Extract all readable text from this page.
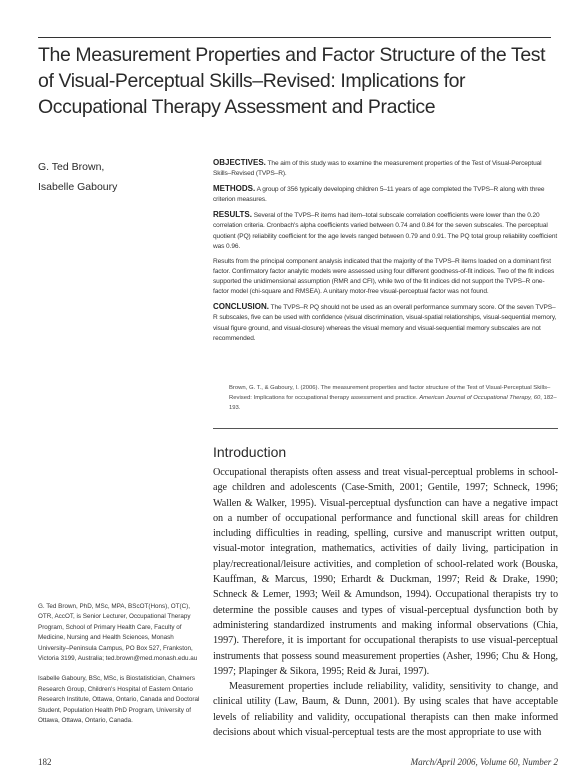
The Measurement Properties and Factor Structure of the Test of Visual-Perceptual Skills–Revised: Implications for Occupational Therapy Assessment and Practice
G. Ted Brown,
Isabelle Gaboury

OBJECTIVES. The aim of this study was to examine the measurement properties of the Test of Visual-Perceptual Skills–Revised (TVPS–R).

METHODS. A group of 356 typically developing children 5–11 years of age completed the TVPS–R along with three criterion measures.

RESULTS. Several of the TVPS–R items had item–total subscale correlation coefficients were lower than the 0.20 correlation criteria. Cronbach's alpha coefficients varied between 0.74 and 0.84 for the seven subscales. The perceptual quotient (PQ) reliability coefficient for the age levels ranged between 0.79 and 0.91. The PQ total group reliability coefficient was 0.96.

Results from the principal component analysis indicated that the majority of the TVPS–R items loaded on a dominant first factor. Confirmatory factor analytic models were assessed using four different goodness-of-fit indices. Two of the fit indices supported the unidimensional assumption (RMR and CFI), while two of the fit indices did not support the TVPS–R one-factor model (chi-square and RMSEA). A unitary motor-free visual-perceptual factor was not found.

CONCLUSION. The TVPS–R PQ should not be used as an overall performance summary score. Of the seven TVPS–R subscales, five can be used with confidence (visual discrimination, visual-spatial relationships, visual-sequential memory, visual figure ground, and visual-closure) whereas the visual memory and visual-sequential memory subscales are not recommended.

Brown, G. T., & Gaboury, I. (2006). The measurement properties and factor structure of the Test of Visual-Perceptual Skills–Revised: Implications for occupational therapy assessment and practice. American Journal of Occupational Therapy, 60, 182–193.
Introduction

Occupational therapists often assess and treat visual-perceptual problems in school-age children and adolescents (Case-Smith, 2001; Gentile, 1997; Schneck, 1996; Wallen & Walker, 1995). Visual-perceptual dysfunction can have a negative impact on a number of occupational performance and functional skill areas for children including difficulties in reading, spelling, cursive and manuscript written output, visual-motor integration, mathematics, activities of daily living, participation in play/recreational/leisure activities, and completion of school-related work (Bouska, Kauffman, & Marcus, 1990; Erhardt & Duckman, 1997; Reid & Drake, 1990; Schneck & Lemer, 1993; Weil & Amundson, 1994). Occupational therapists try to determine the possible causes and types of visual-perceptual dysfunction both by administering standardized instruments and making informal observations (Chia, 1997). Therefore, it is important for occupational therapists to use visual-perceptual instruments that possess sound measurement properties (Asher, 1996; Chu & Hong, 1997; Plapinger & Sikora, 1995; Reid & Jurai, 1997).

Measurement properties include reliability, validity, sensitivity to change, and clinical utility (Law, Baum, & Dunn, 2001). By using scales that have acceptable levels of reliability and validity, occupational therapists can then make informed decisions about which visual-perceptual tests are the most appropriate to use with

G. Ted Brown, PhD, MSc, MPA, BScOT(Hons), OT(C), OTR, AccOT, is Senior Lecturer, Occupational Therapy Program, School of Primary Health Care, Faculty of Medicine, Nursing and Health Sciences, Monash University–Peninsula Campus, PO Box 527, Frankston, Victoria 3199, Australia; ted.brown@med.monash.edu.au

Isabelle Gaboury, BSc, MSc, is Biostatistician, Chalmers Research Group, Children's Hospital of Eastern Ontario Research Institute, Ottawa, Ontario, Canada and Doctoral Student, Population Health PhD Program, University of Ottawa, Ottawa, Ontario, Canada.

182	March/April 2006, Volume 60, Number 2
